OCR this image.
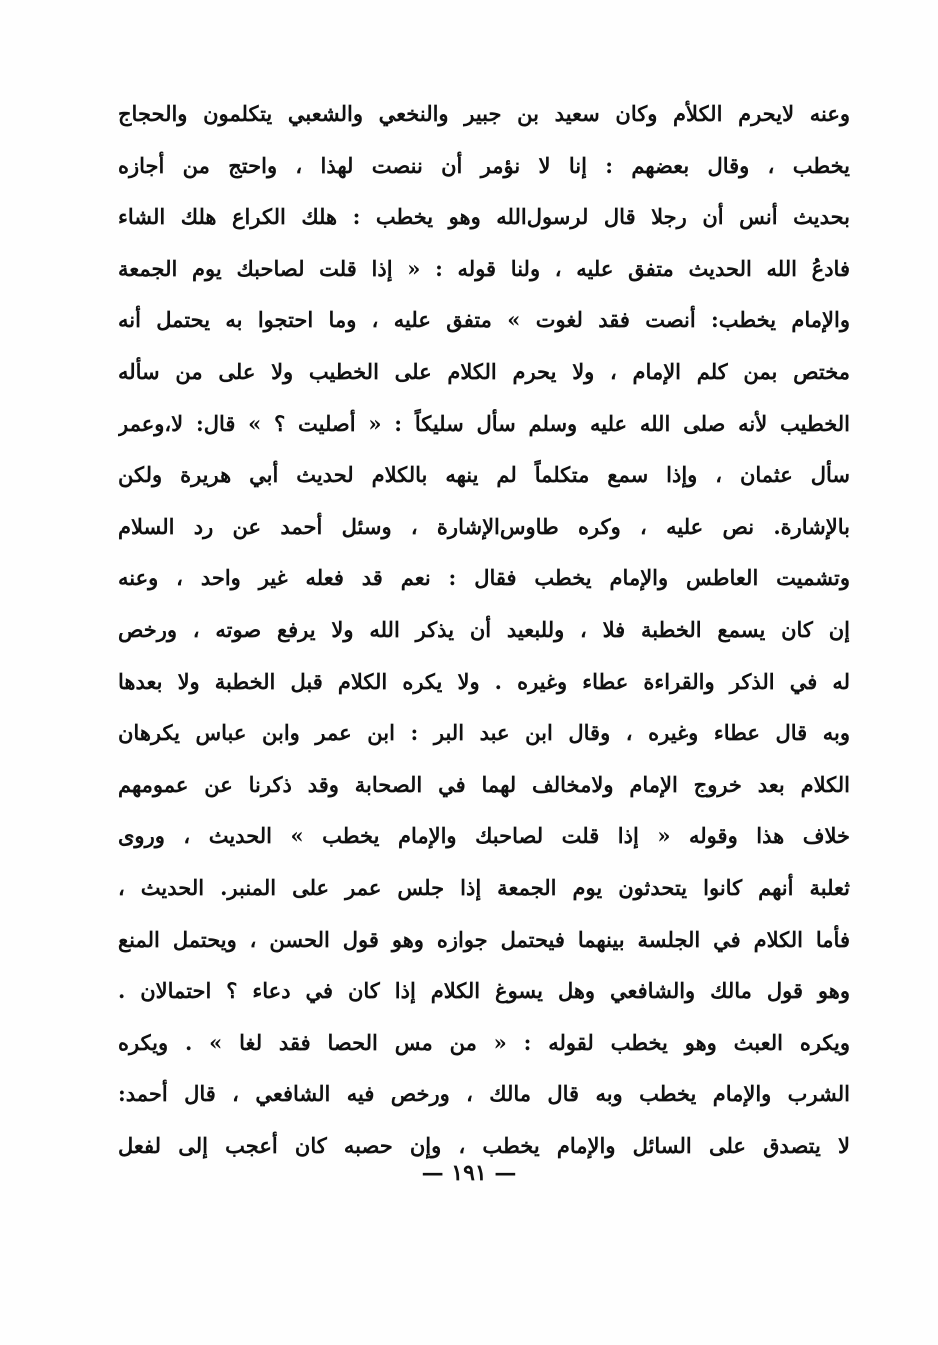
وعنه لايحرم الكلأم وكان سعيد بن جبير والنخعي والشعبي يتكلمون والحجاج
يخطب ، وقال بعضهم : إنا لا نؤمر أن ننصت لهذا ، واحتج من أجازه
بحديث أنس أن رجلا قال لرسول‌الله وهو يخطب : هلك الكراع هلك الشاء
فادعُ الله الحديث متفق عليه ، ولنا قوله : « إذا قلت لصاحبك يوم الجمعة
والإمام يخطب: أنصت فقد لغوت » متفق عليه ، وما احتجوا به يحتمل أنه
مختص بمن كلم الإمام ، ولا يحرم الكلام على الخطيب ولا على من سأله
الخطيب لأنه صلى الله عليه وسلم سأل سليكاً : « أصليت ؟ » قال: لا،وعمر
سأل عثمان ، وإذا سمع متكلماً لم ينهه بالكلام لحديث أبي هريرة ولكن
بالإشارة. نص عليه ، وكره طاوس‌الإشارة ، وسئل أحمد عن رد السلام
وتشميت العاطس والإمام يخطب فقال : نعم قد فعله غير واحد ، وعنه
إن كان يسمع الخطبة فلا ، وللبعيد أن يذكر الله ولا يرفع صوته ، ورخص
له في الذكر والقراءة عطاء وغيره . ولا يكره الكلام قبل الخطبة ولا بعدها
وبه قال عطاء وغيره ، وقال ابن عبد البر : ابن عمر وابن عباس يكرهان
الكلام بعد خروج الإمام ولامخالف لهما في الصحابة وقد ذكرنا عن عمومهم
خلاف هذا وقوله « إذا قلت لصاحبك والإمام يخطب » الحديث ، وروى
ثعلبة أنهم كانوا يتحدثون يوم الجمعة إذا جلس عمر على المنبر. الحديث ،
فأما الكلام في الجلسة بينهما فيحتمل جوازه وهو قول الحسن ، ويحتمل المنع
وهو قول مالك والشافعي وهل يسوغ الكلام إذا كان في دعاء ؟ احتمالان .
ويكره العبث وهو يخطب لقوله : « من مس الحصا فقد لغا » . ويكره
الشرب والإمام يخطب وبه قال مالك ، ورخص فيه الشافعي ، قال أحمد:
لا يتصدق على السائل والإمام يخطب ، وإن حصبه كان أعجب إلى لفعل
— ١٩١ —
